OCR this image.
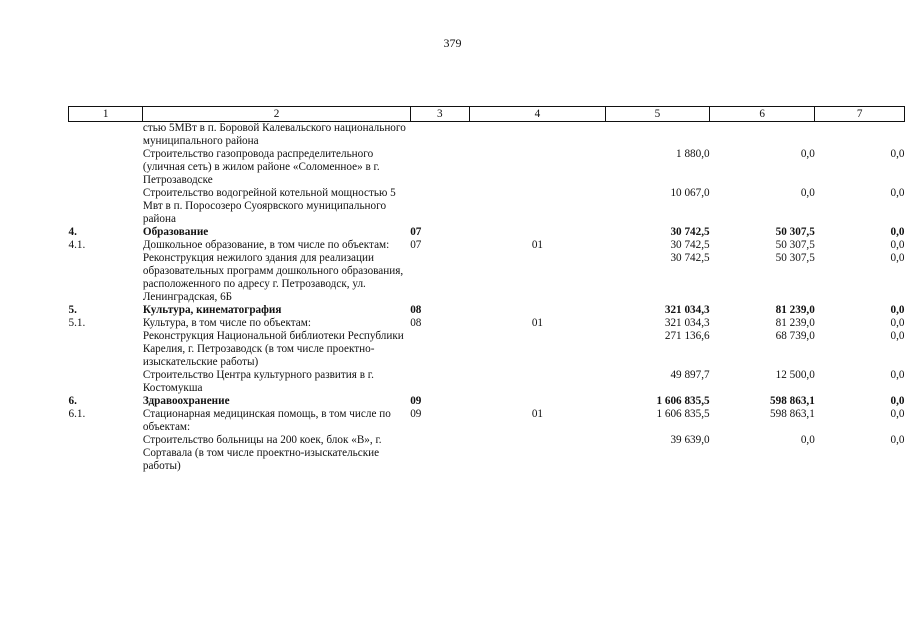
379
1	2	3	4	5	6	7
	стью 5МВт в п. Боровой Калевальского национального муниципального района					
	Строительство газопровода распределительного (уличная сеть) в жилом районе «Соломенное» в г. Петрозаводске			1 880,0	0,0	0,0
	Строительство водогрейной котельной мощностью 5 Мвт в п. Поросозеро Суоярвского муниципального района			10 067,0	0,0	0,0
4.	Образование	07		30 742,5	50 307,5	0,0
4.1.	Дошкольное образование, в том числе по объектам:	07	01	30 742,5	50 307,5	0,0
	Реконструкция нежилого здания для реализации образовательных программ дошкольного образования, расположенного по адресу г. Петрозаводск, ул. Ленинградская, 6Б			30 742,5	50 307,5	0,0
5.	Культура, кинематография	08		321 034,3	81 239,0	0,0
5.1.	Культура, в том числе по объектам:	08	01	321 034,3	81 239,0	0,0
	Реконструкция Национальной библиотеки Республики Карелия, г. Петрозаводск (в том числе проектно-изыскательские работы)			271 136,6	68 739,0	0,0
	Строительство Центра культурного развития в г. Костомукша			49 897,7	12 500,0	0,0
6.	Здравоохранение	09		1 606 835,5	598 863,1	0,0
6.1.	Стационарная медицинская помощь, в том числе по объектам:	09	01	1 606 835,5	598 863,1	0,0
	Строительство больницы на 200 коек, блок «В», г. Сортавала (в том числе проектно-изыскательские работы)			39 639,0	0,0	0,0
